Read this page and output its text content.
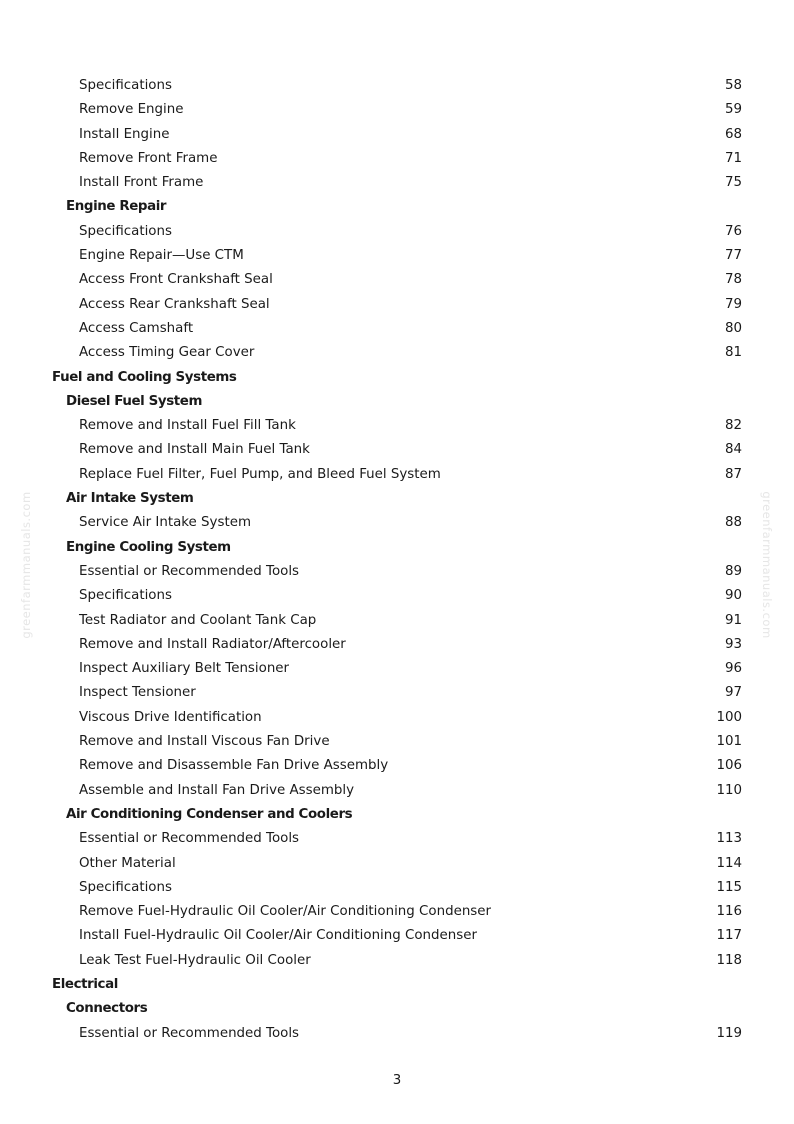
Specifications	58
Remove Engine	59
Install Engine	68
Remove Front Frame	71
Install Front Frame	75
Engine Repair
Specifications	76
Engine Repair—Use CTM	77
Access Front Crankshaft Seal	78
Access Rear Crankshaft Seal	79
Access Camshaft	80
Access Timing Gear Cover	81
Fuel and Cooling Systems
Diesel Fuel System
Remove and Install Fuel Fill Tank	82
Remove and Install Main Fuel Tank	84
Replace Fuel Filter, Fuel Pump, and Bleed Fuel System	87
Air Intake System
Service Air Intake System	88
Engine Cooling System
Essential or Recommended Tools	89
Specifications	90
Test Radiator and Coolant Tank Cap	91
Remove and Install Radiator/Aftercooler	93
Inspect Auxiliary Belt Tensioner	96
Inspect Tensioner	97
Viscous Drive Identification	100
Remove and Install Viscous Fan Drive	101
Remove and Disassemble Fan Drive Assembly	106
Assemble and Install Fan Drive Assembly	110
Air Conditioning Condenser and Coolers
Essential or Recommended Tools	113
Other Material	114
Specifications	115
Remove Fuel-Hydraulic Oil Cooler/Air Conditioning Condenser	116
Install Fuel-Hydraulic Oil Cooler/Air Conditioning Condenser	117
Leak Test Fuel-Hydraulic Oil Cooler	118
Electrical
Connectors
Essential or Recommended Tools	119
3
greenfarmmanuals.com	greenfarmmanuals.com
